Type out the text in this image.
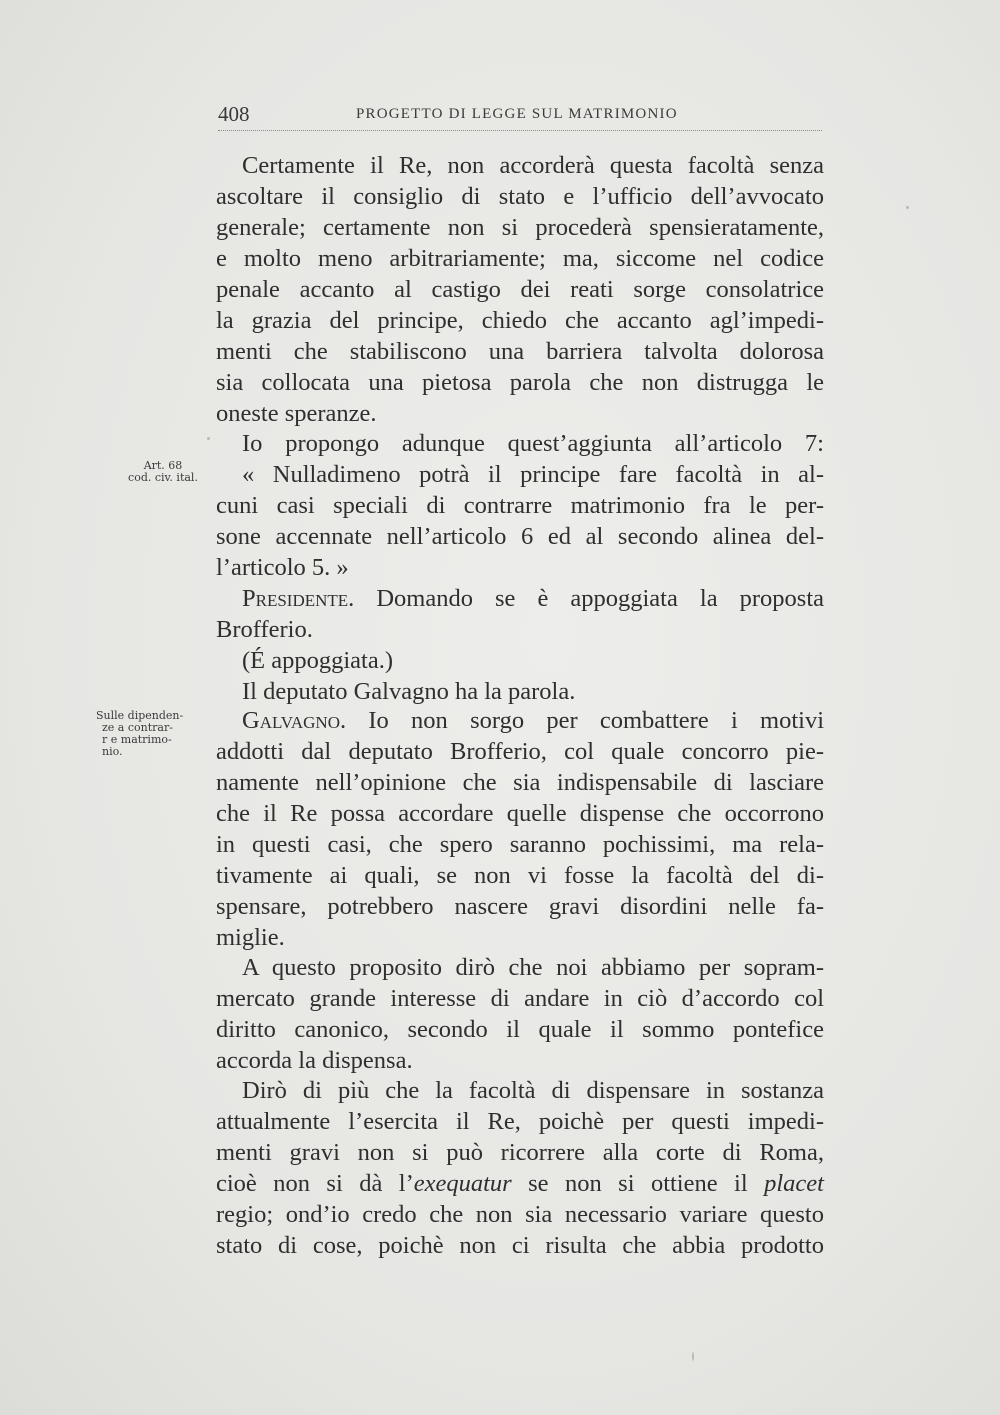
408	PROGETTO DI LEGGE SUL MATRIMONIO
Art. 68
cod. civ. ital.
Sulle dipenden-
ze a contrar-
r e matrimo-
nio.
Certamente il Re, non accorderà questa facoltà senza
ascoltare il consiglio di stato e l’ufficio dell’avvocato
generale; certamente non si procederà spensieratamente,
e molto meno arbitrariamente; ma, siccome nel codice
penale accanto al castigo dei reati sorge consolatrice
la grazia del principe, chiedo che accanto agl’impedi-
menti che stabiliscono una barriera talvolta dolorosa
sia collocata una pietosa parola che non distrugga le
oneste speranze.
Io propongo adunque quest’aggiunta all’articolo 7:
« Nulladimeno potrà il principe fare facoltà in al-
cuni casi speciali di contrarre matrimonio fra le per-
sone accennate nell’articolo 6 ed al secondo alinea del-
l’articolo 5. »
Presidente. Domando se è appoggiata la proposta
Brofferio.
(É appoggiata.)
Il deputato Galvagno ha la parola.
Galvagno. Io non sorgo per combattere i motivi
addotti dal deputato Brofferio, col quale concorro pie-
namente nell’opinione che sia indispensabile di lasciare
che il Re possa accordare quelle dispense che occorrono
in questi casi, che spero saranno pochissimi, ma rela-
tivamente ai quali, se non vi fosse la facoltà del di-
spensare, potrebbero nascere gravi disordini nelle fa-
miglie.
A questo proposito dirò che noi abbiamo per sopram-
mercato grande interesse di andare in ciò d’accordo col
diritto canonico, secondo il quale il sommo pontefice
accorda la dispensa.
Dirò di più che la facoltà di dispensare in sostanza
attualmente l’esercita il Re, poichè per questi impedi-
menti gravi non si può ricorrere alla corte di Roma,
cioè non si dà l’exequatur se non si ottiene il placet
regio; ond’io credo che non sia necessario variare questo
stato di cose, poichè non ci risulta che abbia prodotto
